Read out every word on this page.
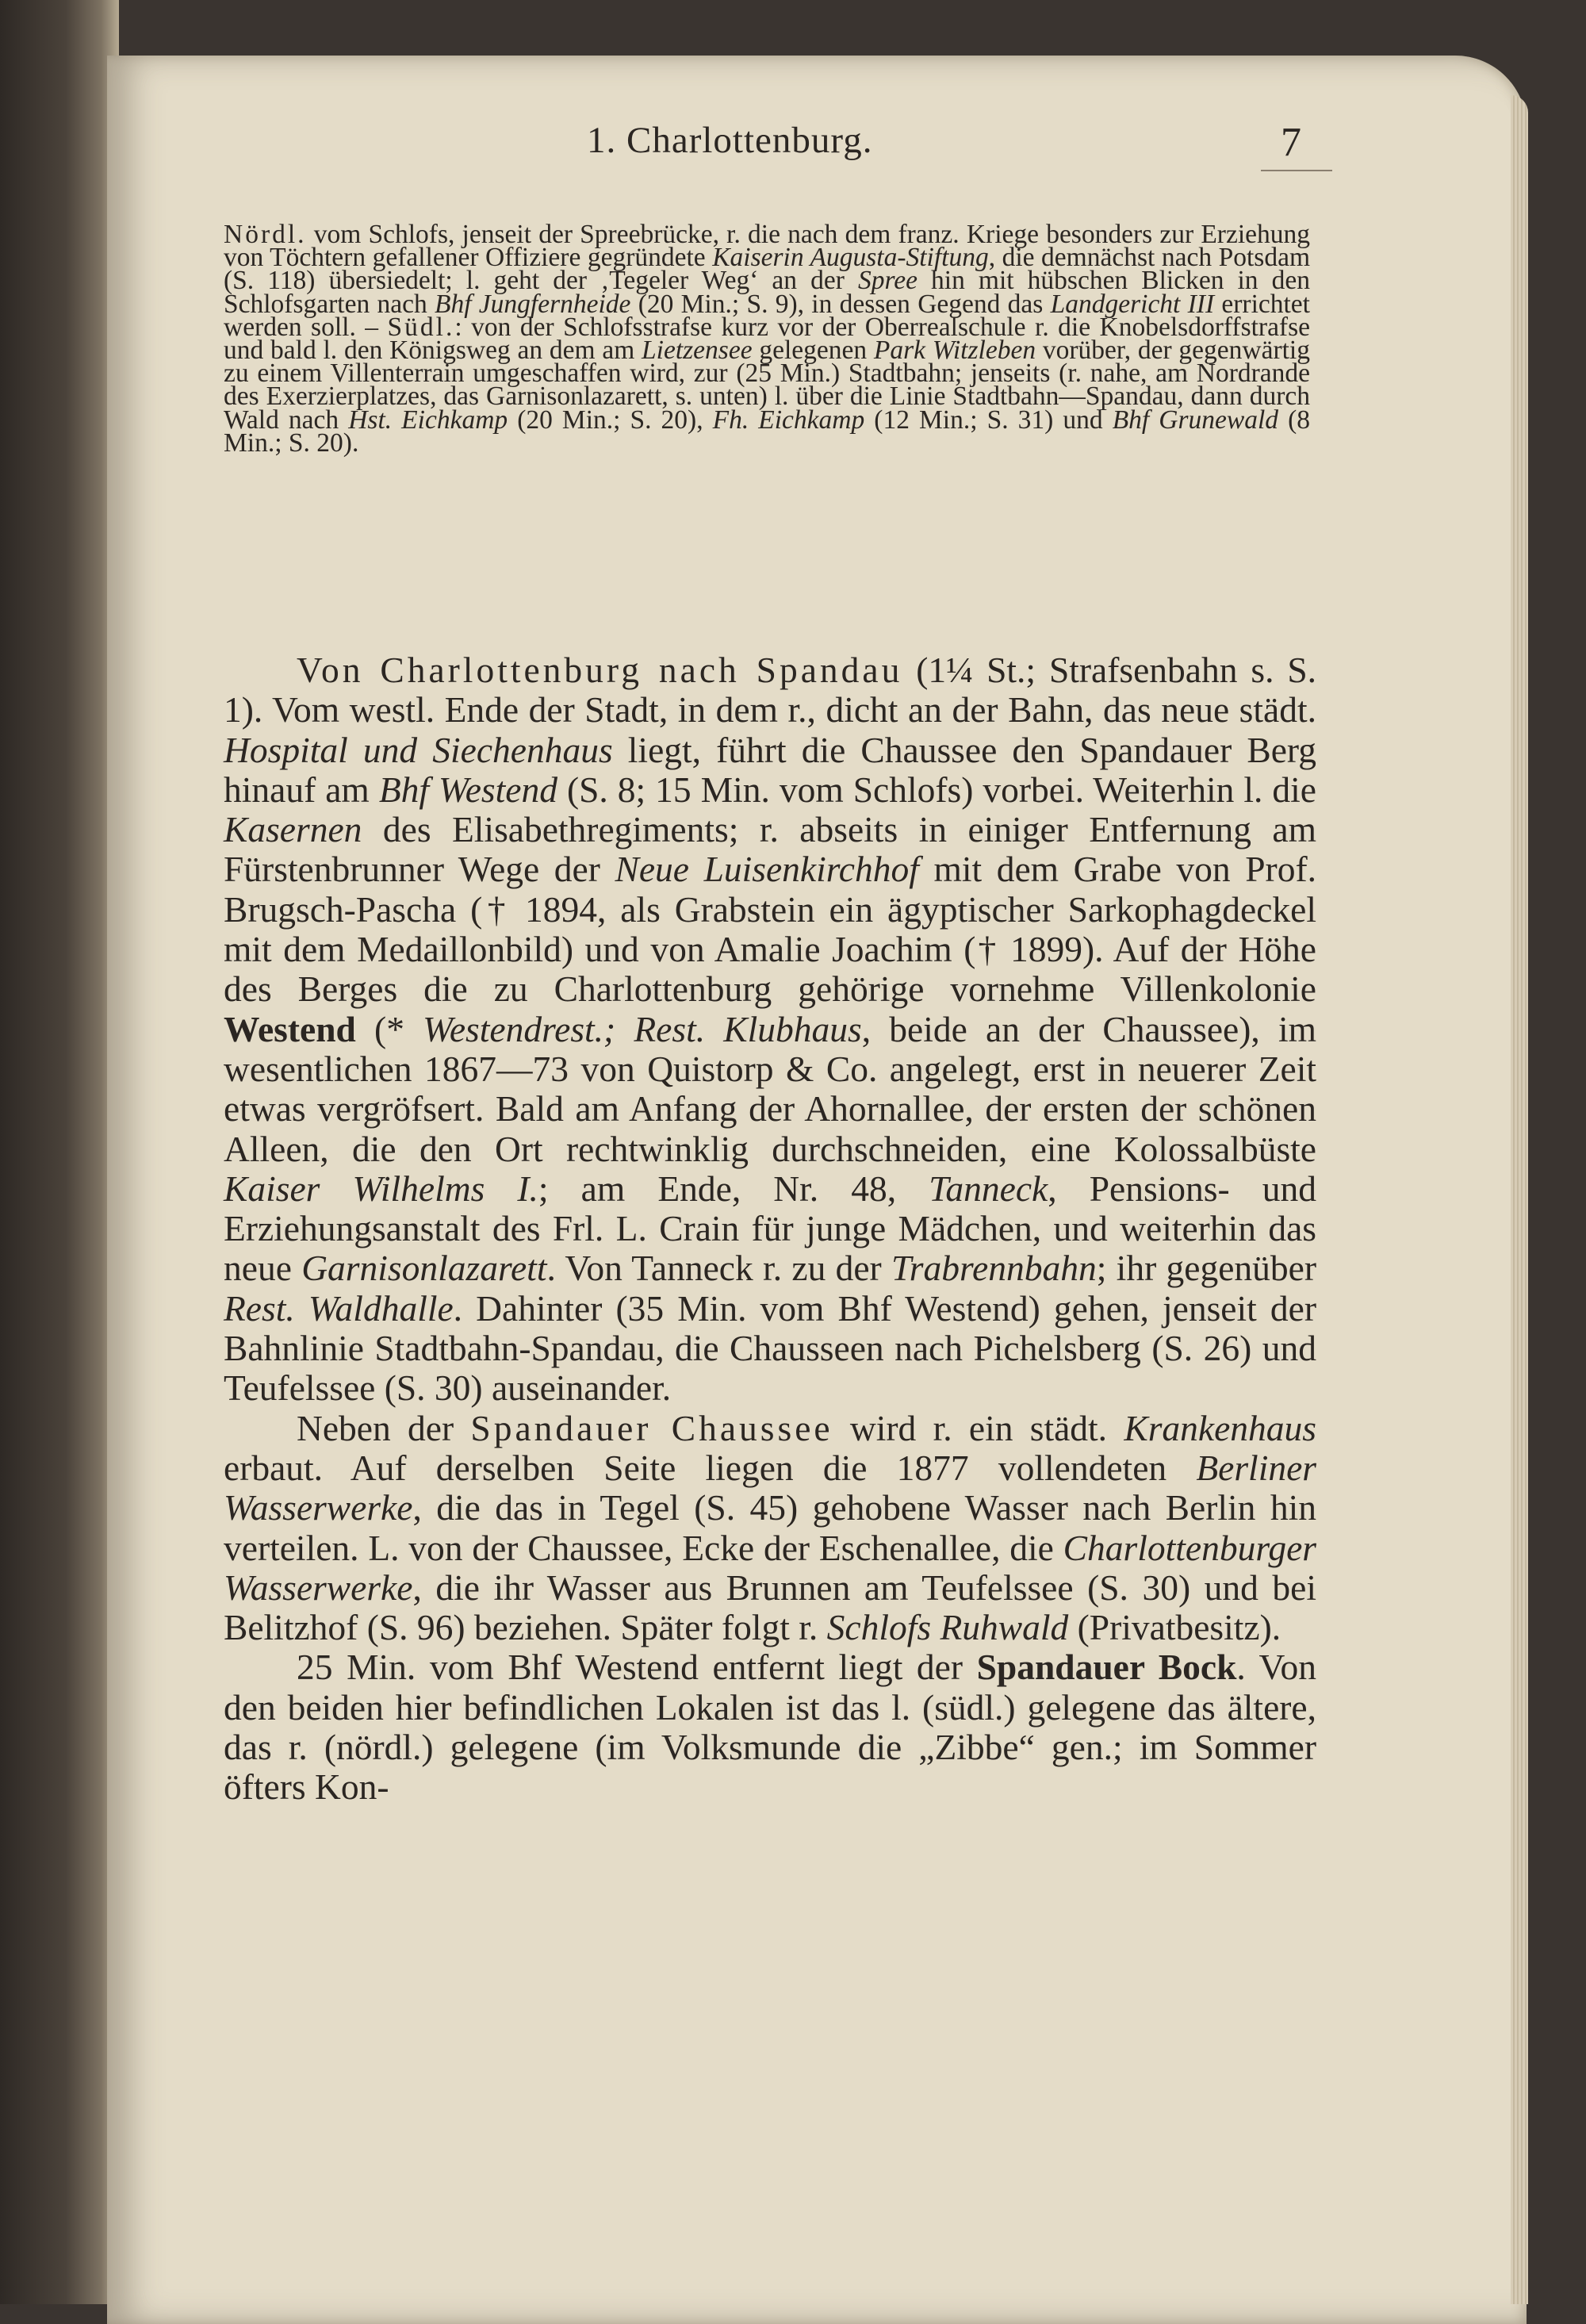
1. Charlottenburg.	7

Nördl. vom Schlofs, jenseit der Spreebrücke, r. die nach dem franz. Kriege besonders zur Erziehung von Töchtern gefallener Offiziere gegründete Kaiserin Augusta-Stiftung, die demnächst nach Potsdam (S. 118) übersiedelt; l. geht der ‚Tegeler Weg‘ an der Spree hin mit hübschen Blicken in den Schlofsgarten nach Bhf Jungfernheide (20 Min.; S. 9), in dessen Gegend das Landgericht III errichtet werden soll. – Südl.: von der Schlofsstrafse kurz vor der Oberrealschule r. die Knobelsdorffstrafse und bald l. den Königsweg an dem am Lietzensee gelegenen Park Witzleben vorüber, der gegenwärtig zu einem Villenterrain umgeschaffen wird, zur (25 Min.) Stadtbahn; jenseits (r. nahe, am Nordrande des Exerzierplatzes, das Garnisonlazarett, s. unten) l. über die Linie Stadtbahn—Spandau, dann durch Wald nach Hst. Eichkamp (20 Min.; S. 20), Fh. Eichkamp (12 Min.; S. 31) und Bhf Grunewald (8 Min.; S. 20).

Von Charlottenburg nach Spandau (1¼ St.; Strafsenbahn s. S. 1). Vom westl. Ende der Stadt, in dem r., dicht an der Bahn, das neue städt. Hospital und Siechenhaus liegt, führt die Chaussee den Spandauer Berg hinauf am Bhf Westend (S. 8; 15 Min. vom Schlofs) vorbei. Weiterhin l. die Kasernen des Elisabethregiments; r. abseits in einiger Entfernung am Fürstenbrunner Wege der Neue Luisenkirchhof mit dem Grabe von Prof. Brugsch-Pascha († 1894, als Grabstein ein ägyptischer Sarkophagdeckel mit dem Medaillonbild) und von Amalie Joachim († 1899). Auf der Höhe des Berges die zu Charlottenburg gehörige vornehme Villenkolonie Westend (* Westendrest.; Rest. Klubhaus, beide an der Chaussee), im wesentlichen 1867—73 von Quistorp & Co. angelegt, erst in neuerer Zeit etwas vergröfsert. Bald am Anfang der Ahornallee, der ersten der schönen Alleen, die den Ort rechtwinklig durchschneiden, eine Kolossalbüste Kaiser Wilhelms I.; am Ende, Nr. 48, Tanneck, Pensions- und Erziehungsanstalt des Frl. L. Crain für junge Mädchen, und weiterhin das neue Garnisonlazarett. Von Tanneck r. zu der Trabrennbahn; ihr gegenüber Rest. Waldhalle. Dahinter (35 Min. vom Bhf Westend) gehen, jenseit der Bahnlinie Stadtbahn-Spandau, die Chausseen nach Pichelsberg (S. 26) und Teufelssee (S. 30) auseinander.

Neben der Spandauer Chaussee wird r. ein städt. Krankenhaus erbaut. Auf derselben Seite liegen die 1877 vollendeten Berliner Wasserwerke, die das in Tegel (S. 45) gehobene Wasser nach Berlin hin verteilen. L. von der Chaussee, Ecke der Eschenallee, die Charlottenburger Wasserwerke, die ihr Wasser aus Brunnen am Teufelssee (S. 30) und bei Belitzhof (S. 96) beziehen. Später folgt r. Schlofs Ruhwald (Privatbesitz).

25 Min. vom Bhf Westend entfernt liegt der Spandauer Bock. Von den beiden hier befindlichen Lokalen ist das l. (südl.) gelegene das ältere, das r. (nördl.) gelegene (im Volksmunde die „Zibbe“ gen.; im Sommer öfters Kon-
